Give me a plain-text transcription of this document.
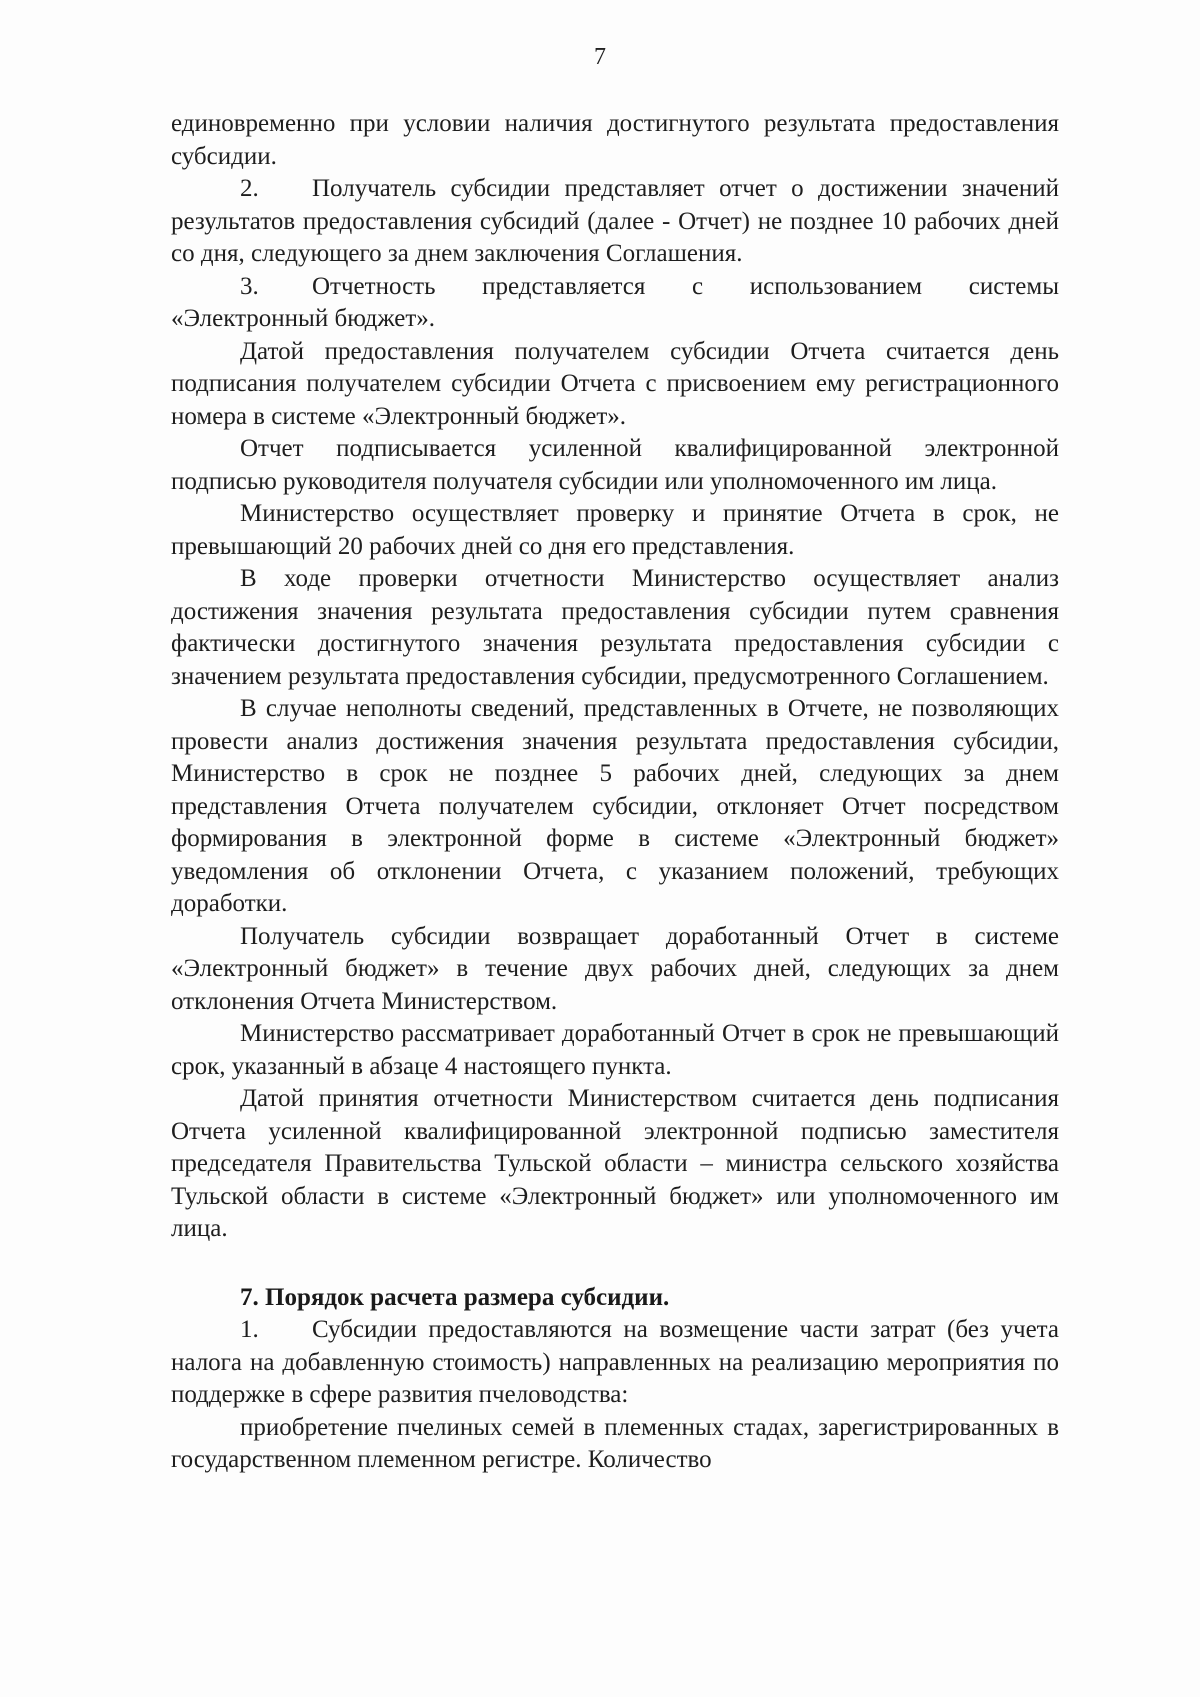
7

единовременно при условии наличия достигнутого результата предоставления субсидии.

2. Получатель субсидии представляет отчет о достижении значений результатов предоставления субсидий (далее - Отчет) не позднее 10 рабочих дней со дня, следующего за днем заключения Соглашения.

3. Отчетность представляется с использованием системы «Электронный бюджет».

Датой предоставления получателем субсидии Отчета считается день подписания получателем субсидии Отчета с присвоением ему регистрационного номера в системе «Электронный бюджет».

Отчет подписывается усиленной квалифицированной электронной подписью руководителя получателя субсидии или уполномоченного им лица.

Министерство осуществляет проверку и принятие Отчета в срок, не превышающий 20 рабочих дней со дня его представления.

В ходе проверки отчетности Министерство осуществляет анализ достижения значения результата предоставления субсидии путем сравнения фактически достигнутого значения результата предоставления субсидии с значением результата предоставления субсидии, предусмотренного Соглашением.

В случае неполноты сведений, представленных в Отчете, не позволяющих провести анализ достижения значения результата предоставления субсидии, Министерство в срок не позднее 5 рабочих дней, следующих за днем представления Отчета получателем субсидии, отклоняет Отчет посредством формирования в электронной форме в системе «Электронный бюджет» уведомления об отклонении Отчета, с указанием положений, требующих доработки.

Получатель субсидии возвращает доработанный Отчет в системе «Электронный бюджет» в течение двух рабочих дней, следующих за днем отклонения Отчета Министерством.

Министерство рассматривает доработанный Отчет в срок не превышающий срок, указанный в абзаце 4 настоящего пункта.

Датой принятия отчетности Министерством считается день подписания Отчета усиленной квалифицированной электронной подписью заместителя председателя Правительства Тульской области – министра сельского хозяйства Тульской области в системе «Электронный бюджет» или уполномоченного им лица.

7. Порядок расчета размера субсидии.

1. Субсидии предоставляются на возмещение части затрат (без учета налога на добавленную стоимость) направленных на реализацию мероприятия по поддержке в сфере развития пчеловодства:

приобретение пчелиных семей в племенных стадах, зарегистрированных в государственном племенном регистре. Количество
